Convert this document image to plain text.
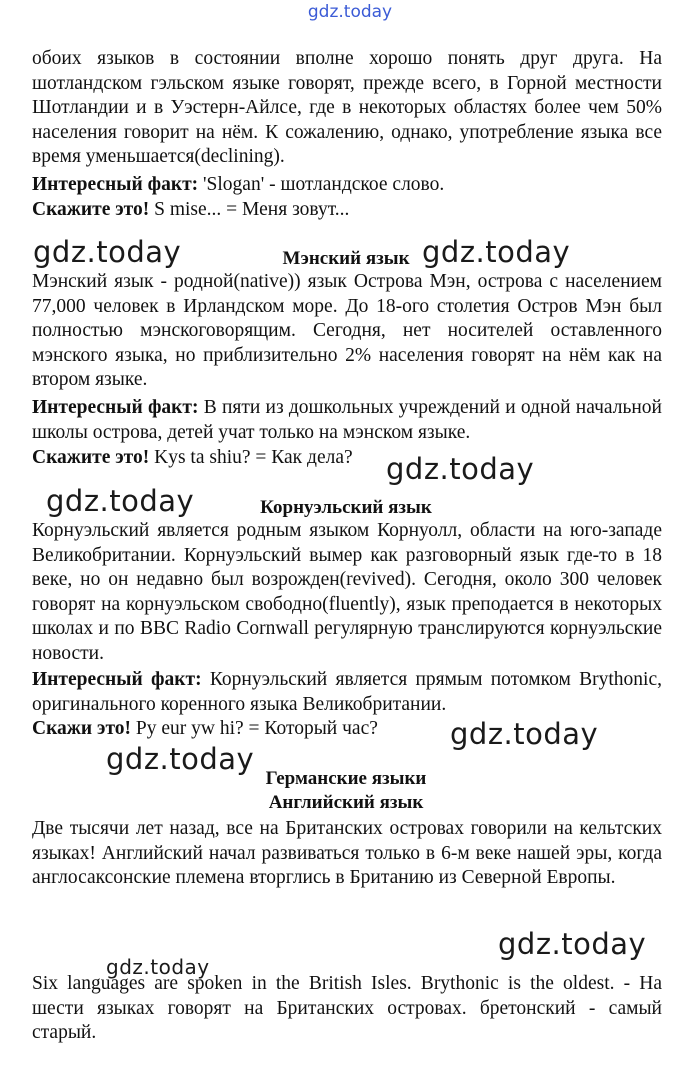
gdz.today

обоих языков в состоянии вполне хорошо понять друг друга. На шотландском гэльском языке говорят, прежде всего, в Горной местности Шотландии и в Уэстерн-Айлсе, где в некоторых областях более чем 50% населения говорит на нём. К сожалению, однако, употребление языка все время уменьшается(declining).

Интересный факт: 'Slogan' - шотландское слово.

Скажите это! S mise... = Меня зовут...

gdz.today	Мэнский язык gdz.today

Мэнский язык - родной(native)) язык Острова Мэн, острова с населением 77,000 человек в Ирландском море. До 18-ого столетия Остров Мэн был полностью мэнскоговорящим. Сегодня, нет носителей оставленного мэнского языка, но приблизительно 2% населения говорят на нём как на втором языке.

Интересный факт: В пяти из дошкольных учреждений и одной начальной школы острова, детей учат только на мэнском языке.

Скажите это! Kys ta shiu? = Как дела? gdz.today
gdz.today	Корнуэльский язык

Корнуэльский является родным языком Корнуолл, области на юго-западе Великобритании. Корнуэльский вымер как разговорный язык где-то в 18 веке, но он недавно был возрожден(revived). Сегодня, около 300 человек говорят на корнуэльском свободно(fluently), язык преподается в некоторых школах и по BBC Radio Cornwall регулярную транслируются корнуэльские новости.

Интересный факт: Корнуэльский является прямым потомком Brythonic, оригинального коренного языка Великобритании.

Скажи это! Py eur yw hi? = Который час? gdz.today
gdz.today
Германские языки
Английский язык

Две тысячи лет назад, все на Британских островах говорили на кельтских языках! Английский начал развиваться только в 6-м веке нашей эры, когда англосаксонские племена вторглись в Британию из Северной Европы.

gdz.today
gdz.today

Six languages are spoken in the British Isles. Brythonic is the oldest. - На шести языках говорят на Британских островах. бретонский - самый старый.
